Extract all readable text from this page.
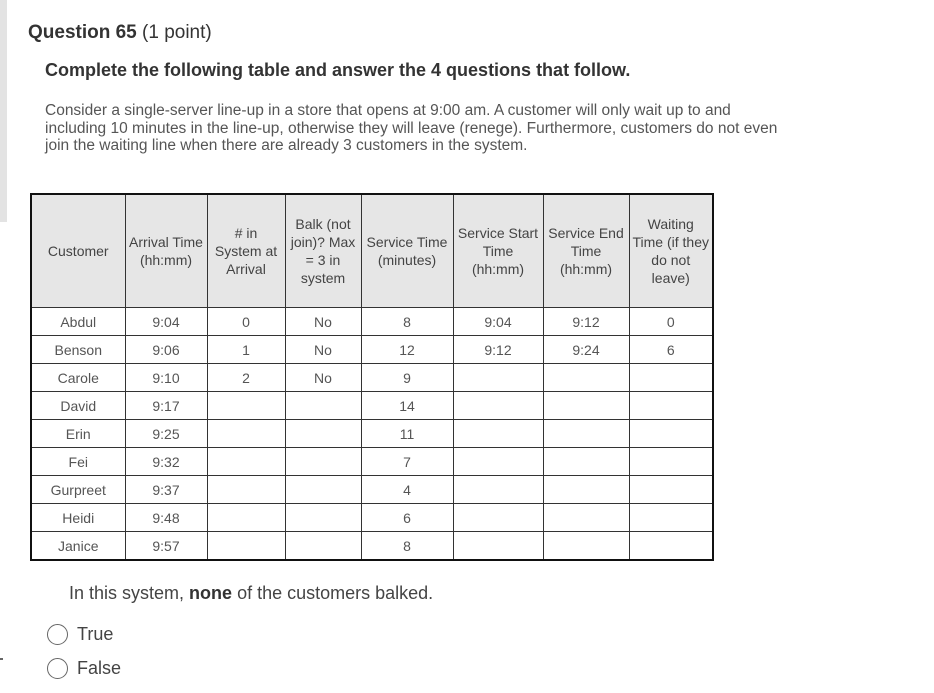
Question 65 (1 point)
Complete the following table and answer the 4 questions that follow.
Consider a single-server line-up in a store that opens at 9:00 am. A customer will only wait up to and including 10 minutes in the line-up, otherwise they will leave (renege). Furthermore, customers do not even join the waiting line when there are already 3 customers in the system.
Customer	Arrival Time (hh:mm)	# in System at Arrival	Balk (not join)? Max = 3 in system	Service Time (minutes)	Service Start Time (hh:mm)	Service End Time (hh:mm)	Waiting Time (if they do not leave)
Abdul	9:04	0	No	8	9:04	9:12	0
Benson	9:06	1	No	12	9:12	9:24	6
Carole	9:10	2	No	9			
David	9:17			14			
Erin	9:25			11			
Fei	9:32			7			
Gurpreet	9:37			4			
Heidi	9:48			6			
Janice	9:57			8			
In this system, none of the customers balked.
True
False
